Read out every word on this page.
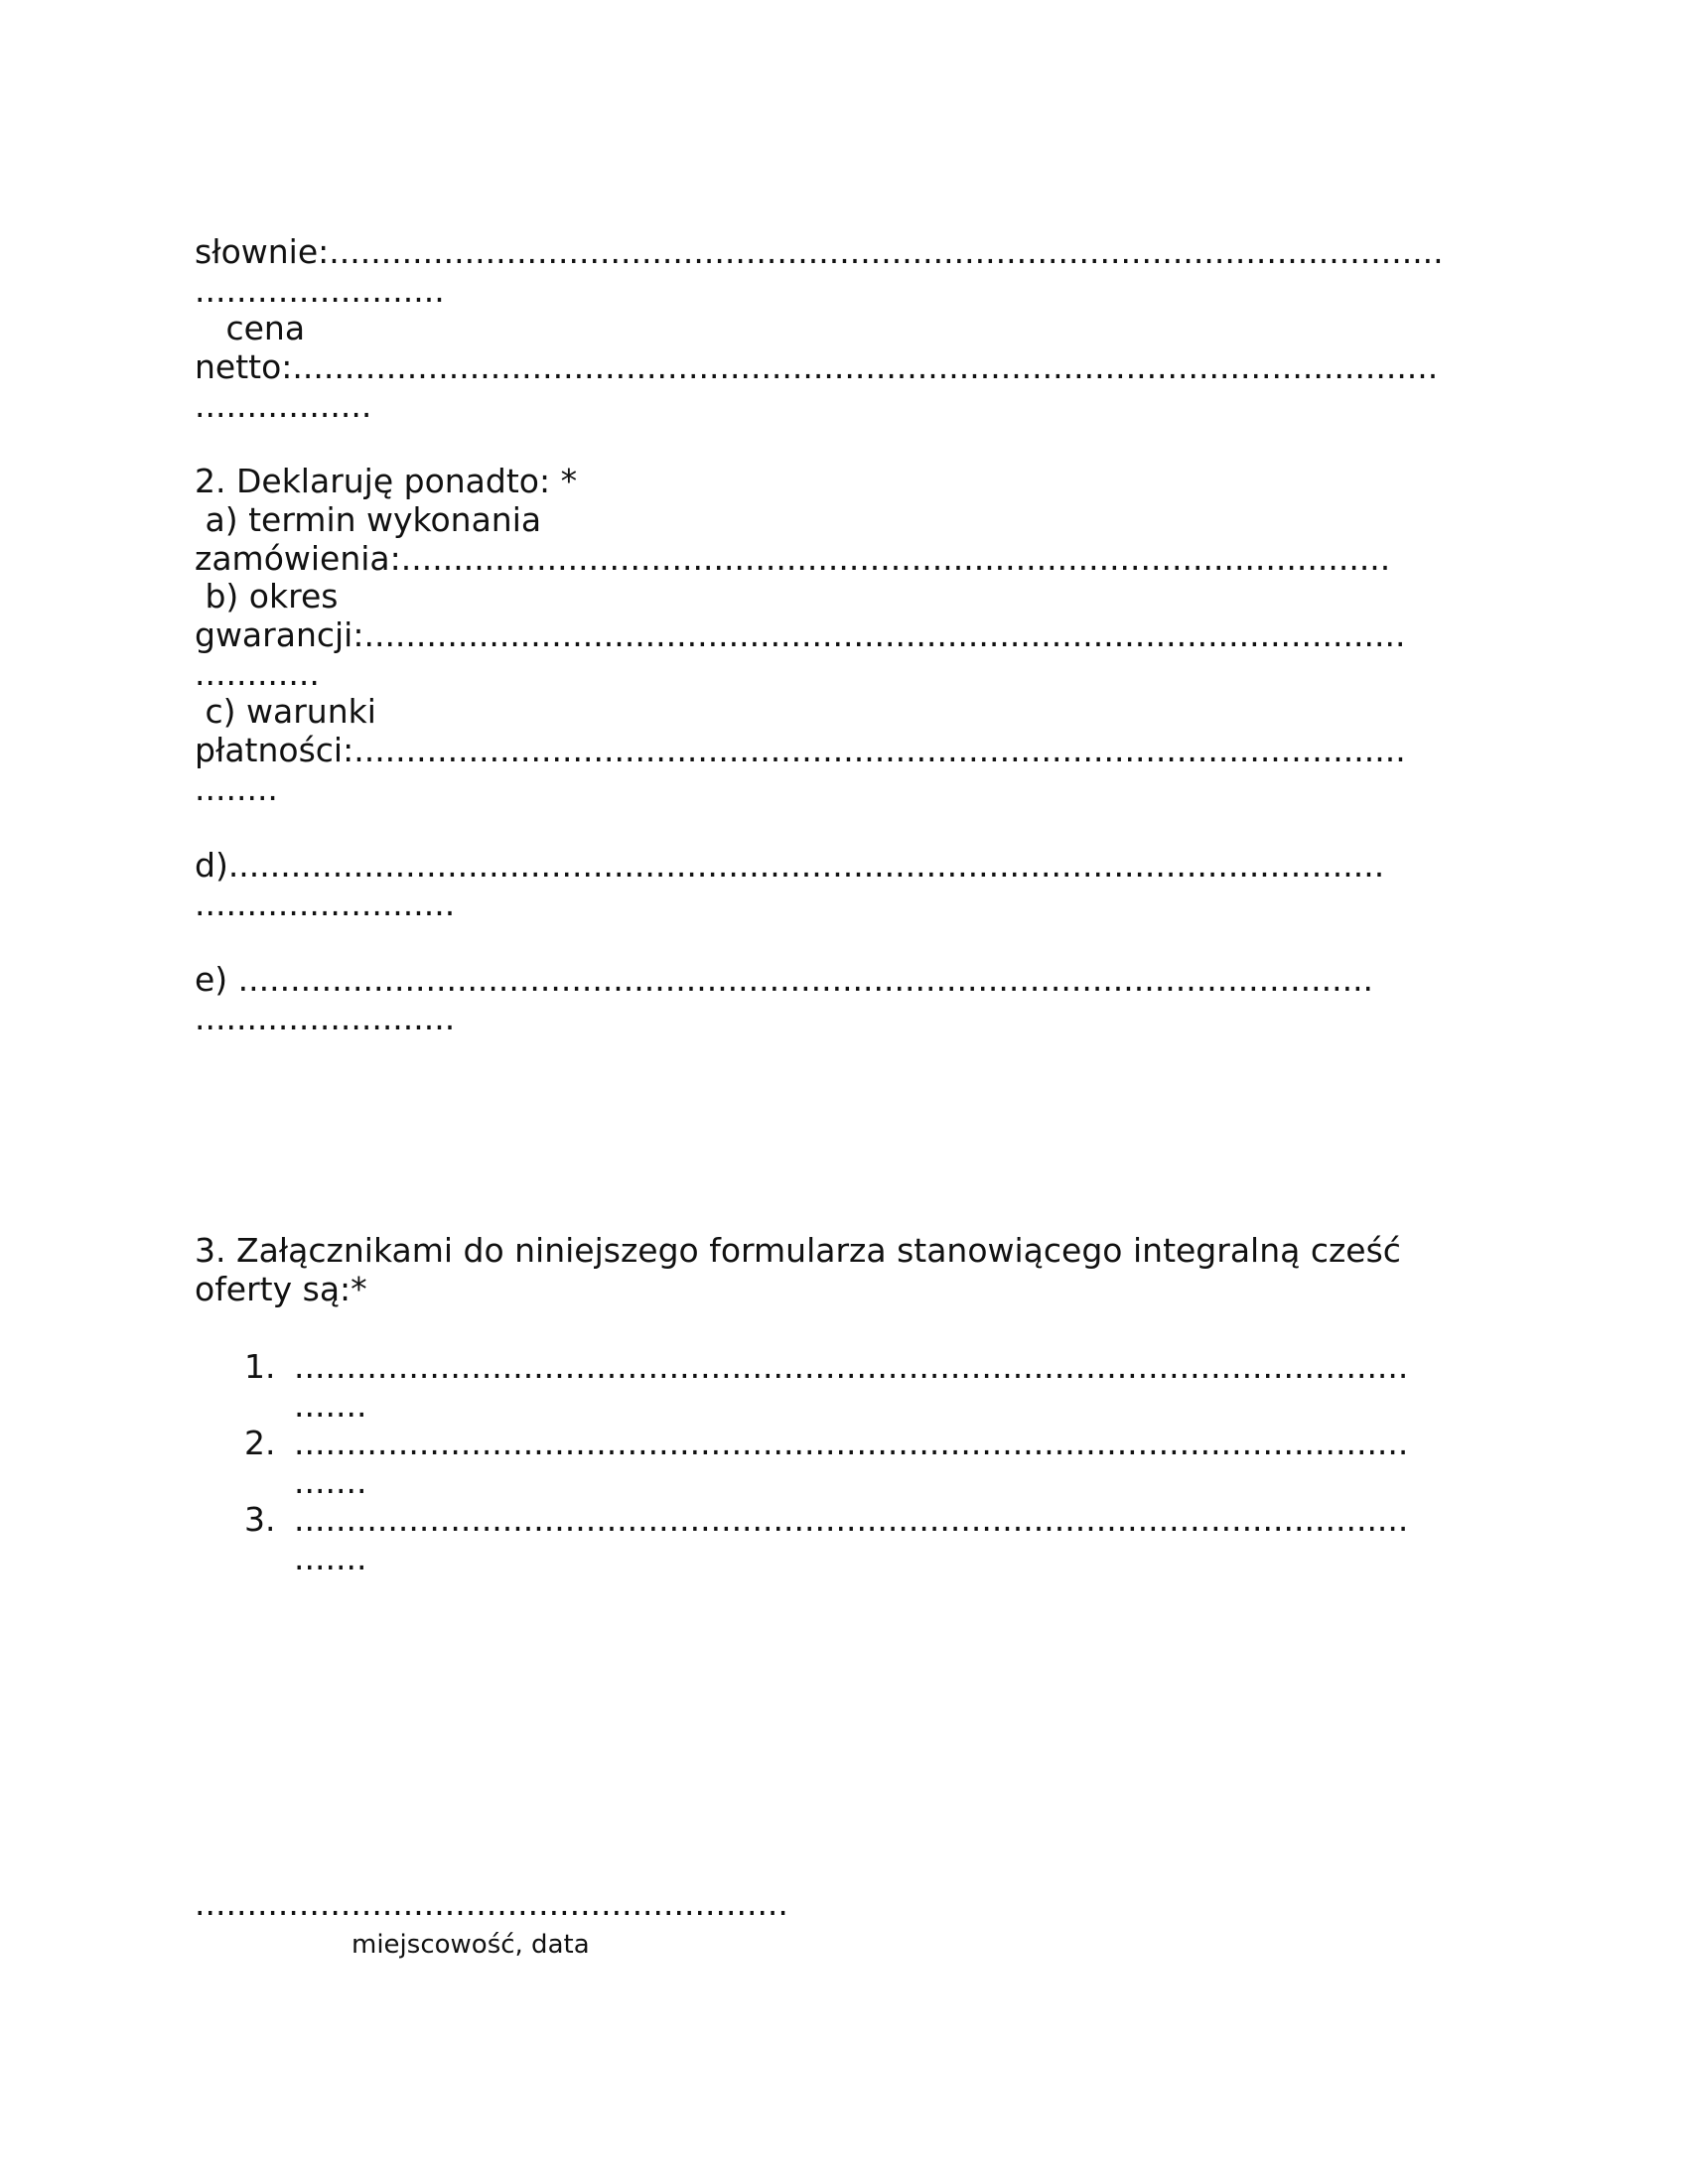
słownie:...........................................................................................................

........................

cena

netto:..............................................................................................................

.................

2. Deklaruję ponadto: *

a) termin wykonania

zamówienia:...............................................................................................

b) okres

gwarancji:....................................................................................................

............

c) warunki

płatności:.....................................................................................................

........

d)...............................................................................................................

.........................

e) .............................................................................................................

.........................

3. Załącznikami do niniejszego formularza stanowiącego integralną cześć

oferty są:*

1. ...........................................................................................................
.......
2. ...........................................................................................................
.......
3. ...........................................................................................................
.......

.........................................................

miejscowość, data
